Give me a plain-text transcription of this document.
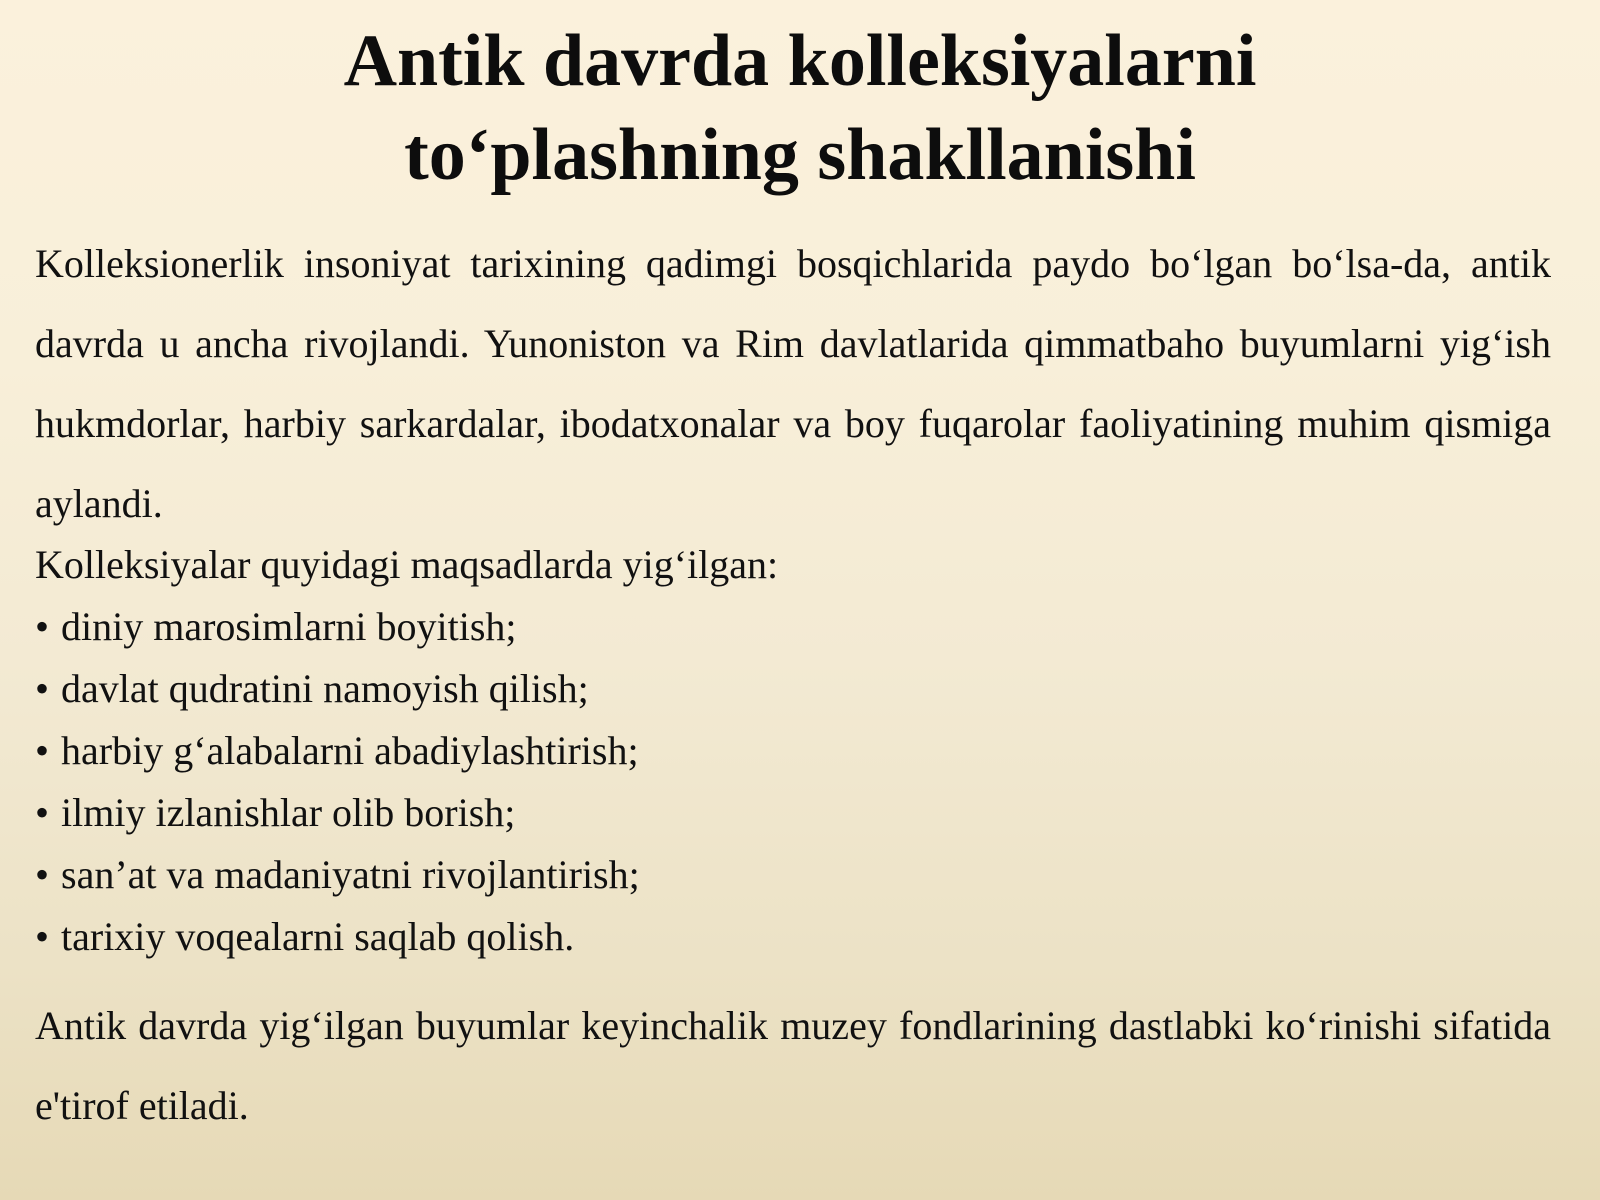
Antik davrda kolleksiyalarni
to‘plashning shakllanishi

Kolleksionerlik insoniyat tarixining qadimgi bosqichlarida paydo bo‘lgan bo‘lsa-da, antik davrda u ancha rivojlandi. Yunoniston va Rim davlatlarida qimmatbaho buyumlarni yig‘ish hukmdorlar, harbiy sarkardalar, ibodatxonalar va boy fuqarolar faoliyatining muhim qismiga aylandi.

Kolleksiyalar quyidagi maqsadlarda yig‘ilgan:

• diniy marosimlarni boyitish;
• davlat qudratini namoyish qilish;
• harbiy g‘alabalarni abadiylashtirish;
• ilmiy izlanishlar olib borish;
• san’at va madaniyatni rivojlantirish;
• tarixiy voqealarni saqlab qolish.

Antik davrda yig‘ilgan buyumlar keyinchalik muzey fondlarining dastlabki ko‘rinishi sifatida e'tirof etiladi.
